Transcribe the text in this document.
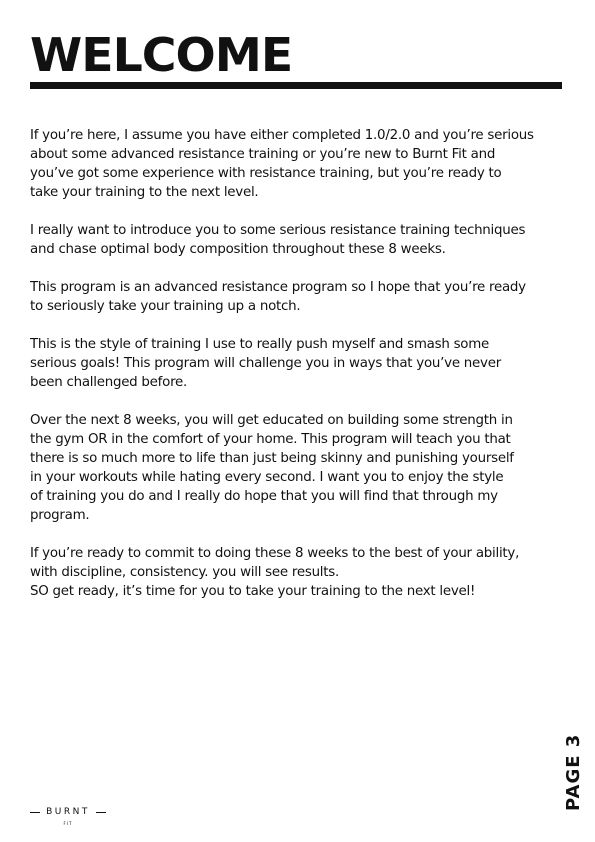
WELCOME

If you’re here, I assume you have either completed 1.0/2.0 and you’re serious
about some advanced resistance training or you’re new to Burnt Fit and
you’ve got some experience with resistance training, but you’re ready to
take your training to the next level.

I really want to introduce you to some serious resistance training techniques
and chase optimal body composition throughout these 8 weeks.

This program is an advanced resistance program so I hope that you’re ready
to seriously take your training up a notch.

This is the style of training I use to really push myself and smash some
serious goals! This program will challenge you in ways that you’ve never
been challenged before.

Over the next 8 weeks, you will get educated on building some strength in
the gym OR in the comfort of your home. This program will teach you that
there is so much more to life than just being skinny and punishing yourself
in your workouts while hating every second. I want you to enjoy the style
of training you do and I really do hope that you will find that through my
program.

If you’re ready to commit to doing these 8 weeks to the best of your ability,
with discipline, consistency. you will see results.
SO get ready, it’s time for you to take your training to the next level!

PAGE 3
BURNT
FIT
